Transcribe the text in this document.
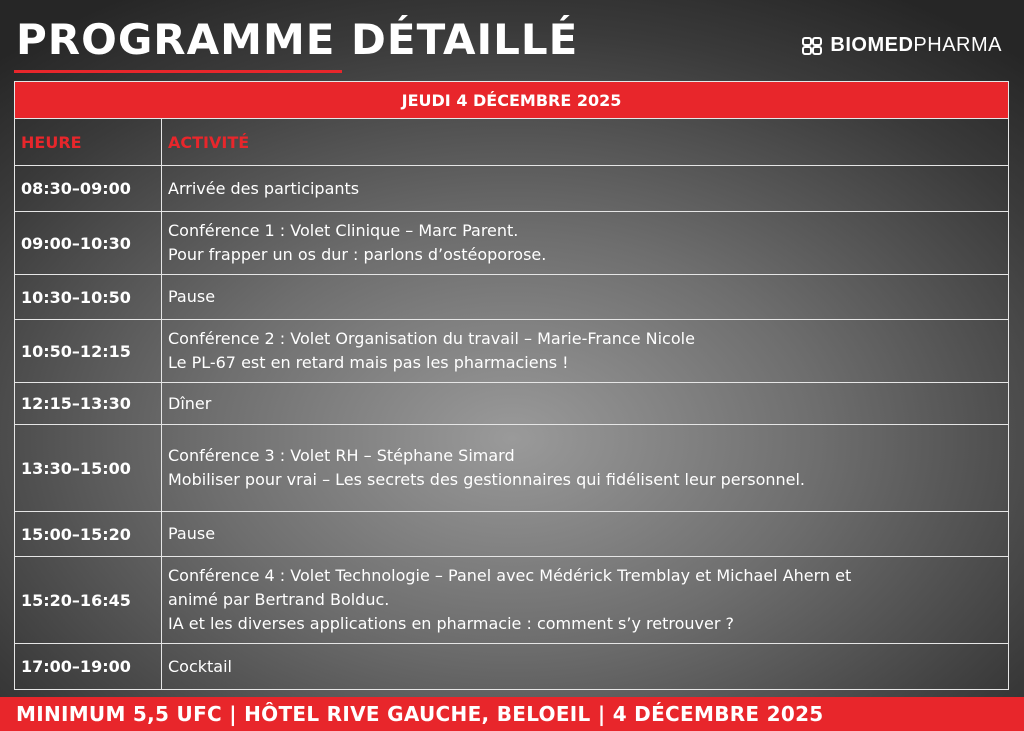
PROGRAMME DÉTAILLÉ	BIOMEDPHARMA
JEUDI 4 DÉCEMBRE 2025	
HEURE	ACTIVITÉ
08:30–09:00	Arrivée des participants

09:00–10:30	Conférence 1 : Volet Clinique – Marc Parent.
Pour frapper un os dur : parlons d’ostéoporose.

10:30–10:50	Pause

10:50–12:15	Conférence 2 : Volet Organisation du travail – Marie-France Nicole
Le PL-67 est en retard mais pas les pharmaciens !

12:15–13:30	Dîner

13:30–15:00	Conférence 3 : Volet RH – Stéphane Simard
Mobiliser pour vrai – Les secrets des gestionnaires qui fidélisent leur personnel.

15:00–15:20	Pause

15:20–16:45	Conférence 4 : Volet Technologie – Panel avec Médérick Tremblay et Michael Ahern et
animé par Bertrand Bolduc.
IA et les diverses applications en pharmacie : comment s’y retrouver ?

17:00–19:00	Cocktail
MINIMUM 5,5 UFC | HÔTEL RIVE GAUCHE, BELOEIL | 4 DÉCEMBRE 2025
